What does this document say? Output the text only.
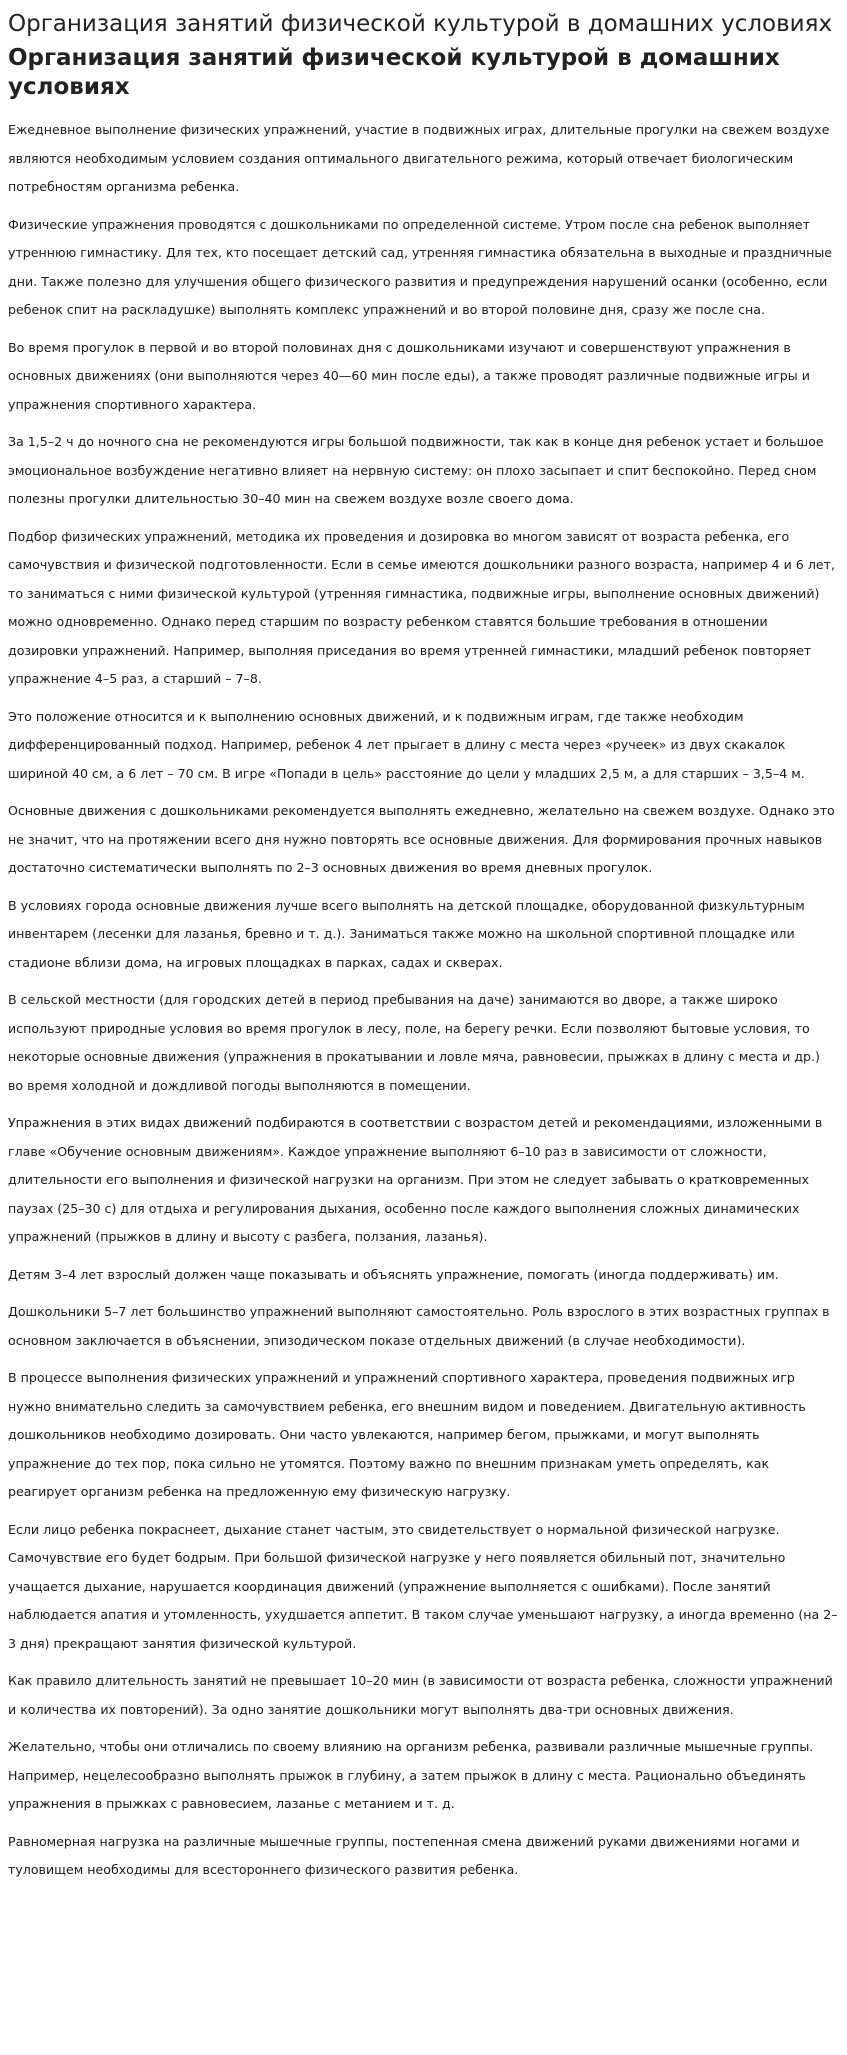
Организация занятий физической культурой в домашних условиях
Организация занятий физической культурой в домашних условиях

Ежедневное выполнение физических упражнений, участие в подвижных играх, длительные прогулки на свежем воздухе являются необходимым условием создания оптимального двигательного режима, который отвечает биологическим потребностям организма ребенка.

Физические упражнения проводятся с дошкольниками по определенной системе. Утром после сна ребенок выполняет утреннюю гимнастику. Для тех, кто посещает детский сад, утренняя гимнастика обязательна в выходные и праздничные дни. Также полезно для улучшения общего физического развития и предупреждения нарушений осанки (особенно, если ребенок спит на раскладушке) выполнять комплекс упражнений и во второй половине дня, сразу же после сна.

Во время прогулок в первой и во второй половинах дня с дошкольниками изучают и совершенствуют упражнения в основных движениях (они выполняются через 40—60 мин после еды), а также проводят различные подвижные игры и упражнения спортивного характера.

За 1,5–2 ч до ночного сна не рекомендуются игры большой подвижности, так как в конце дня ребенок устает и большое эмоциональное возбуждение негативно влияет на нервную систему: он плохо засыпает и спит беспокойно. Перед сном полезны прогулки длительностью 30–40 мин на свежем воздухе возле своего дома.

Подбор физических упражнений, методика их проведения и дозировка во многом зависят от возраста ребенка, его самочувствия и физической подготовленности. Если в семье имеются дошкольники разного возраста, например 4 и 6 лет, то заниматься с ними физической культурой (утренняя гимнастика, подвижные игры, выполнение основных движений) можно одновременно. Однако перед старшим по возрасту ребенком ставятся большие требования в отношении дозировки упражнений. Например, выполняя приседания во время утренней гимнастики, младший ребенок повторяет упражнение 4–5 раз, а старший – 7–8.

Это положение относится и к выполнению основных движений, и к подвижным играм, где также необходим дифференцированный подход. Например, ребенок 4 лет прыгает в длину с места через «ручеек» из двух скакалок шириной 40 см, а 6 лет – 70 см. В игре «Попади в цель» расстояние до цели у младших 2,5 м, а для старших – 3,5–4 м.

Основные движения с дошкольниками рекомендуется выполнять ежедневно, желательно на свежем воздухе. Однако это не значит, что на протяжении всего дня нужно повторять все основные движения. Для формирования прочных навыков достаточно систематически выполнять по 2–3 основных движения во время дневных прогулок.

В условиях города основные движения лучше всего выполнять на детской площадке, оборудованной физкультурным инвентарем (лесенки для лазанья, бревно и т. д.). Заниматься также можно на школьной спортивной площадке или стадионе вблизи дома, на игровых площадках в парках, садах и скверах.

В сельской местности (для городских детей в период пребывания на даче) занимаются во дворе, а также широко используют природные условия во время прогулок в лесу, поле, на берегу речки. Если позволяют бытовые условия, то некоторые основные движения (упражнения в прокатывании и ловле мяча, равновесии, прыжках в длину с места и др.) во время холодной и дождливой погоды выполняются в помещении.

Упражнения в этих видах движений подбираются в соответствии с возрастом детей и рекомендациями, изложенными в главе «Обучение основным движениям». Каждое упражнение выполняют 6–10 раз в зависимости от сложности, длительности его выполнения и физической нагрузки на организм. При этом не следует забывать о кратковременных паузах (25–30 с) для отдыха и регулирования дыхания, особенно после каждого выполнения сложных динамических упражнений (прыжков в длину и высоту с разбега, ползания, лазанья).

Детям 3–4 лет взрослый должен чаще показывать и объяснять упражнение, помогать (иногда поддерживать) им.

Дошкольники 5–7 лет большинство упражнений выполняют самостоятельно. Роль взрослого в этих возрастных группах в основном заключается в объяснении, эпизодическом показе отдельных движений (в случае необходимости).

В процессе выполнения физических упражнений и упражнений спортивного характера, проведения подвижных игр нужно внимательно следить за самочувствием ребенка, его внешним видом и поведением. Двигательную активность дошкольников необходимо дозировать. Они часто увлекаются, например бегом, прыжками, и могут выполнять упражнение до тех пор, пока сильно не утомятся. Поэтому важно по внешним признакам уметь определять, как реагирует организм ребенка на предложенную ему физическую нагрузку.

Если лицо ребенка покраснеет, дыхание станет частым, это свидетельствует о нормальной физической нагрузке. Самочувствие его будет бодрым. При большой физической нагрузке у него появляется обильный пот, значительно учащается дыхание, нарушается координация движений (упражнение выполняется с ошибками). После занятий наблюдается апатия и утомленность, ухудшается аппетит. В таком случае уменьшают нагрузку, а иногда временно (на 2–3 дня) прекращают занятия физической культурой.

Как правило длительность занятий не превышает 10–20 мин (в зависимости от возраста ребенка, сложности упражнений и количества их повторений). За одно занятие дошкольники могут выполнять два-три основных движения.

Желательно, чтобы они отличались по своему влиянию на организм ребенка, развивали различные мышечные группы. Например, нецелесообразно выполнять прыжок в глубину, а затем прыжок в длину с места. Рационально объединять упражнения в прыжках с равновесием, лазанье с метанием и т. д.

Равномерная нагрузка на различные мышечные группы, постепенная смена движений руками движениями ногами и туловищем необходимы для всестороннего физического развития ребенка.
